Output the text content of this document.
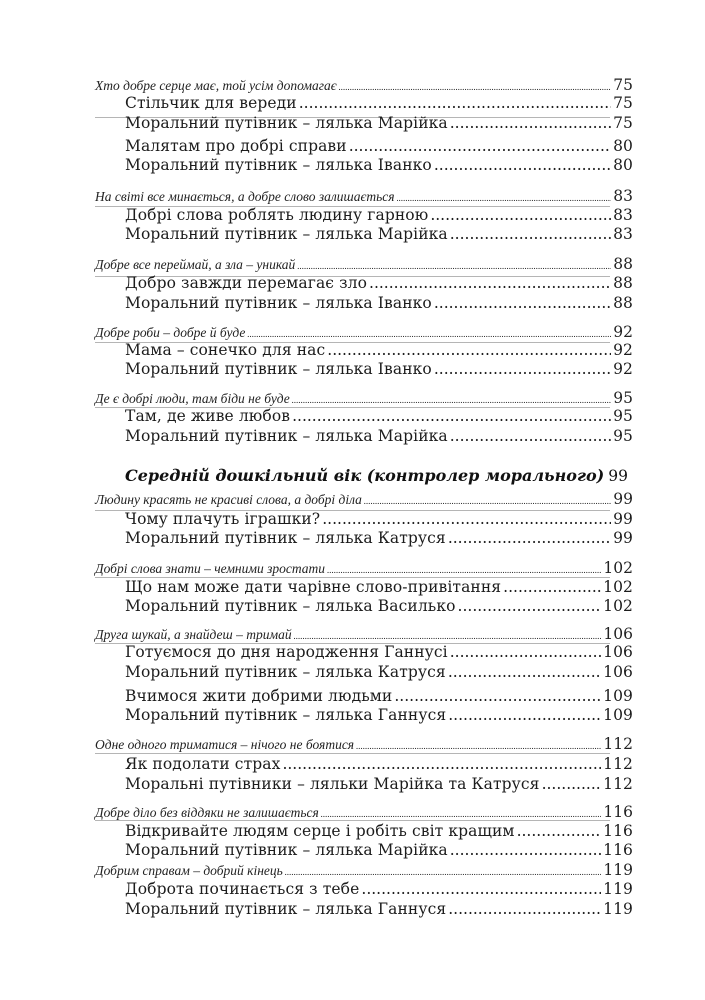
Хто добре серце має, той усім допомагає .....	75
Стільчик для вереди .....	75
Моральний путівник – лялька Марійка .....	75
Малятам про добрі справи .....	80
Моральний путівник – лялька Іванко .....	80
На світі все минається, а добре слово залишається .....	83
Добрі слова роблять людину гарною .....	83
Моральний путівник – лялька Марійка .....	83
Добре все переймай, а зла – уникай .....	88
Добро завжди перемагає зло .....	88
Моральний путівник – лялька Іванко .....	88
Добре роби – добре й буде .....	92
Мама – сонечко для нас .....	92
Моральний путівник – лялька Іванко .....	92
Де є добрі люди, там біди не буде .....	95
Там, де живе любов .....	95
Моральний путівник – лялька Марійка .....	95
Середній дошкільний вік (контролер морального) ..... 99
Людину красять не красиві слова, а добрі діла .....	99
Чому плачуть іграшки? .....	99
Моральний путівник – лялька Катруся .....	99
Добрі слова знати – чемними зростати .....	102
Що нам може дати чарівне слово-привітання .....	102
Моральний путівник – лялька Василько .....	102
Друга шукай, а знайдеш – тримай .....	106
Готуємося до дня народження Ганнусі .....	106
Моральний путівник – лялька Катруся .....	106
Вчимося жити добрими людьми .....	109
Моральний путівник – лялька Ганнуся .....	109
Одне одного триматися – нічого не боятися .....	112
Як подолати страх .....	112
Моральні путівники – ляльки Марійка та Катруся .....	112
Добре діло без віддяки не залишається .....	116
Відкривайте людям серце і робіть світ кращим .....	116
Моральний путівник – лялька Марійка .....	116
Добрим справам – добрий кінець .....	119
Доброта починається з тебе .....	119
Моральний путівник – лялька Ганнуся .....	119
